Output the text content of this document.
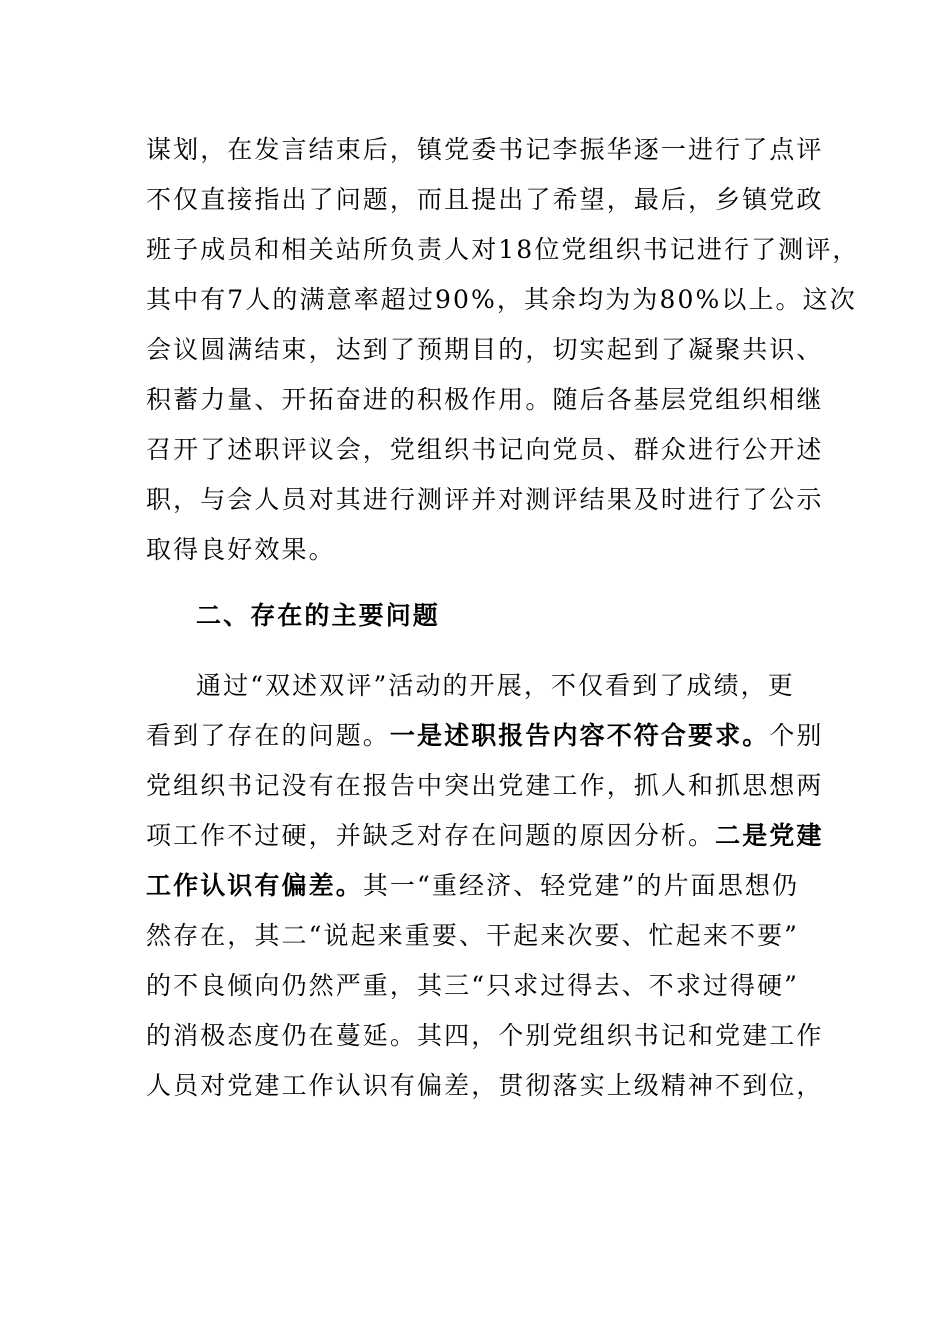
谋划，在发言结束后，镇党委书记李振华逐一进行了点评
不仅直接指出了问题，而且提出了希望，最后，乡镇党政
班子成员和相关站所负责人对18位党组织书记进行了测评，
其中有7人的满意率超过90%，其余均为为80%以上。这次
会议圆满结束，达到了预期目的，切实起到了凝聚共识、
积蓄力量、开拓奋进的积极作用。随后各基层党组织相继
召开了述职评议会，党组织书记向党员、群众进行公开述
职，与会人员对其进行测评并对测评结果及时进行了公示
取得良好效果。
二、存在的主要问题
通过“双述双评”活动的开展，不仅看到了成绩，更
看到了存在的问题。一是述职报告内容不符合要求。个别
党组织书记没有在报告中突出党建工作，抓人和抓思想两
项工作不过硬，并缺乏对存在问题的原因分析。二是党建
工作认识有偏差。其一“重经济、轻党建”的片面思想仍
然存在，其二“说起来重要、干起来次要、忙起来不要”
的不良倾向仍然严重，其三“只求过得去、不求过得硬”
的消极态度仍在蔓延。其四，个别党组织书记和党建工作
人员对党建工作认识有偏差，贯彻落实上级精神不到位，
